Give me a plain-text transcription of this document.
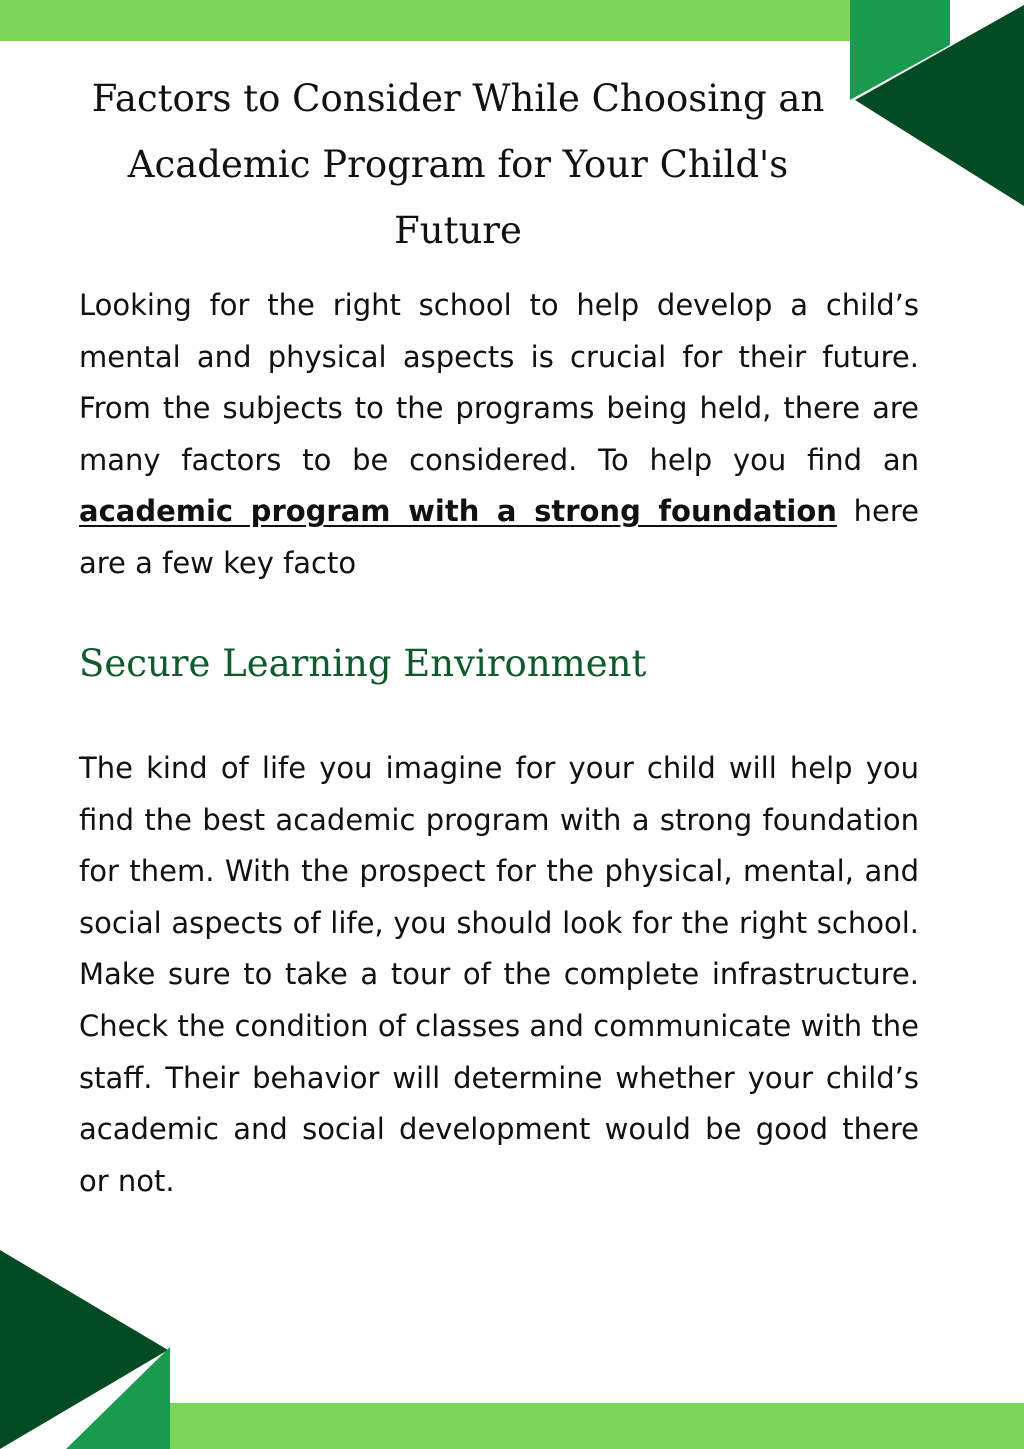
Factors to Consider While Choosing an
Academic Program for Your Child's
Future

Looking for the right school to help develop a child’s mental and physical aspects is crucial for their future. From the subjects to the programs being held, there are many factors to be considered. To help you find an academic program with a strong foundation here are a few key facto

Secure Learning Environment

The kind of life you imagine for your child will help you find the best academic program with a strong foundation for them. With the prospect for the physical, mental, and social aspects of life, you should look for the right school. Make sure to take a tour of the complete infrastructure. Check the condition of classes and communicate with the staff. Their behavior will determine whether your child’s academic and social development would be good there or not.
